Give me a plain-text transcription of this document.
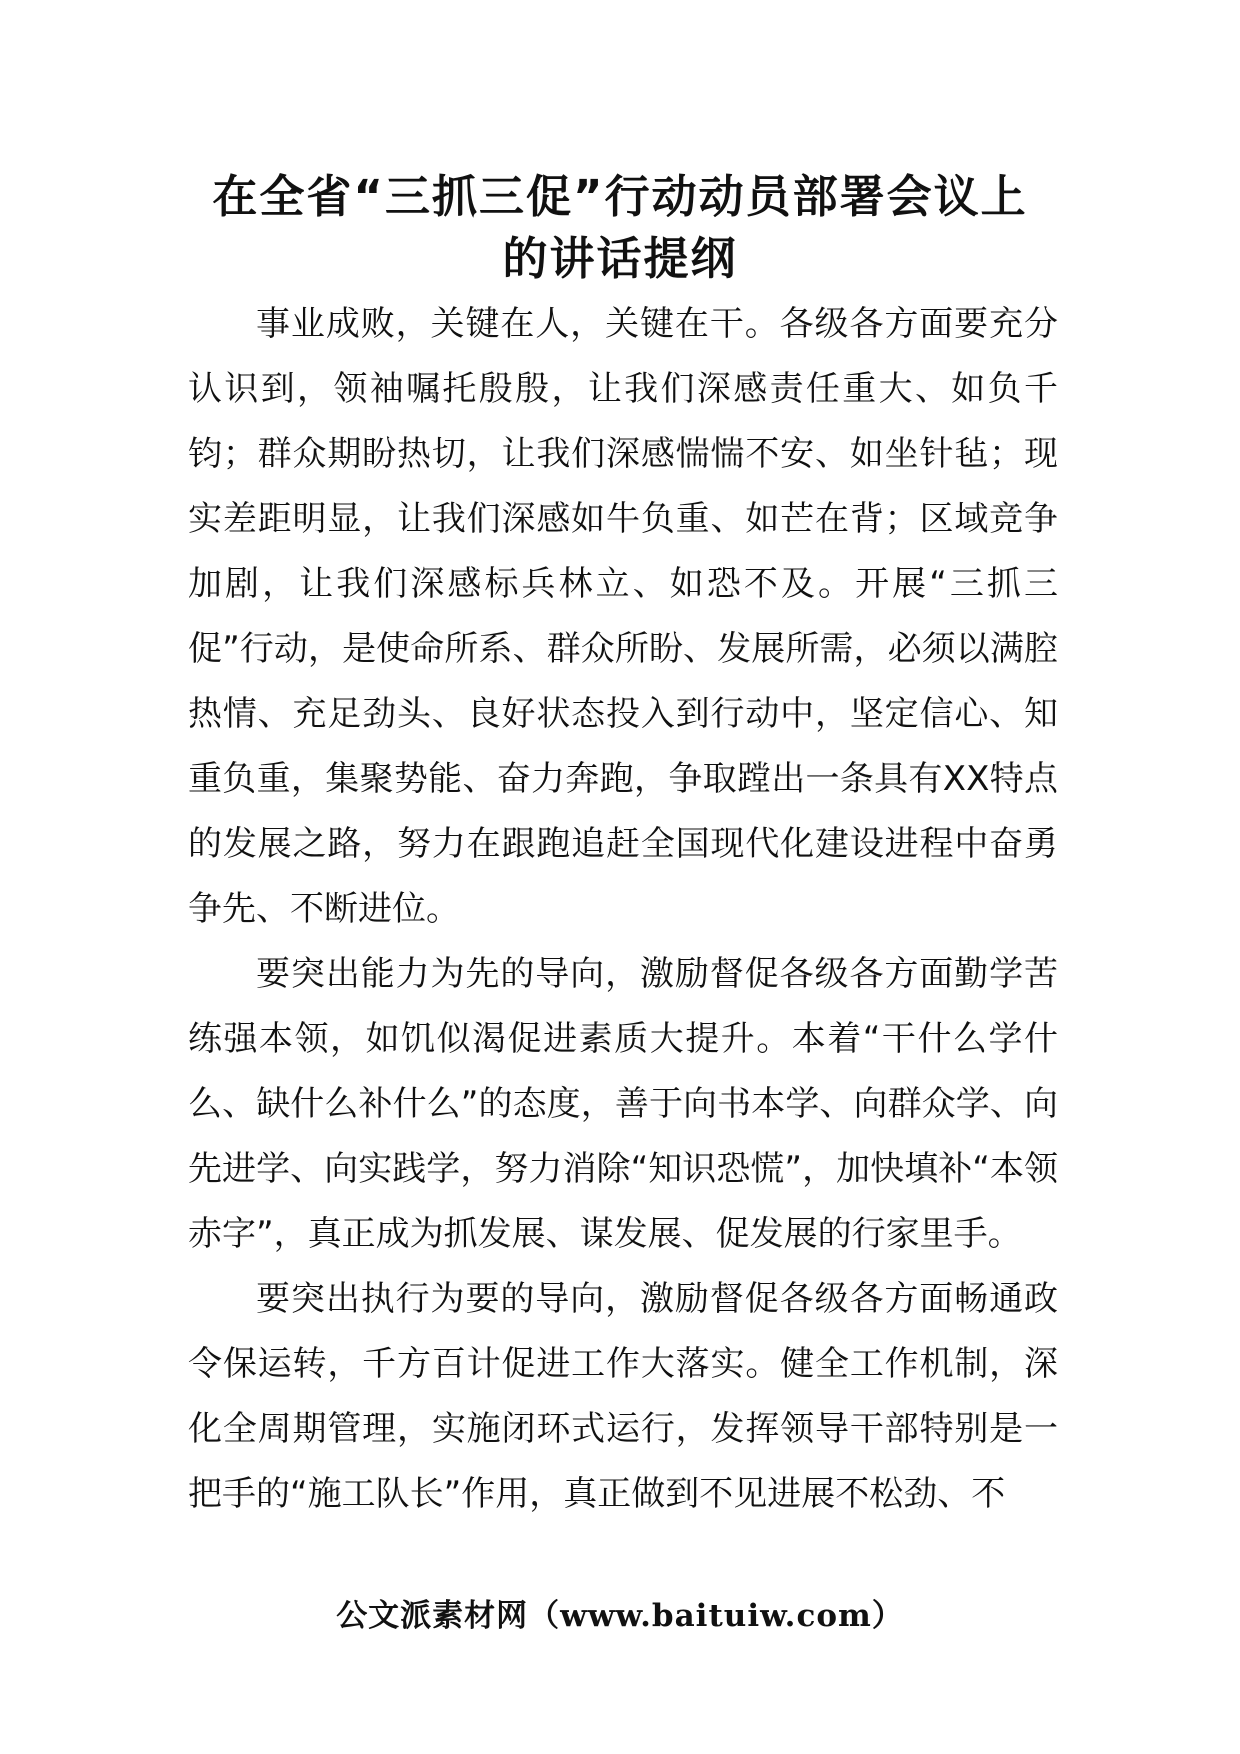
在全省“三抓三促”行动动员部署会议上
的讲话提纲

事业成败，关键在人，关键在干。各级各方面要充分认识到，领袖嘱托殷殷，让我们深感责任重大、如负千钧；群众期盼热切，让我们深感惴惴不安、如坐针毡；现实差距明显，让我们深感如牛负重、如芒在背；区域竞争加剧，让我们深感标兵林立、如恐不及。开展“三抓三促”行动，是使命所系、群众所盼、发展所需，必须以满腔热情、充足劲头、良好状态投入到行动中，坚定信心、知重负重，集聚势能、奋力奔跑，争取蹚出一条具有XX特点的发展之路，努力在跟跑追赶全国现代化建设进程中奋勇争先、不断进位。

要突出能力为先的导向，激励督促各级各方面勤学苦练强本领，如饥似渴促进素质大提升。本着“干什么学什么、缺什么补什么”的态度，善于向书本学、向群众学、向先进学、向实践学，努力消除“知识恐慌”，加快填补“本领赤字”，真正成为抓发展、谋发展、促发展的行家里手。

要突出执行为要的导向，激励督促各级各方面畅通政令保运转，千方百计促进工作大落实。健全工作机制，深化全周期管理，实施闭环式运行，发挥领导干部特别是一把手的“施工队长”作用，真正做到不见进展不松劲、不

公文派素材网（www.baituiw.com）
